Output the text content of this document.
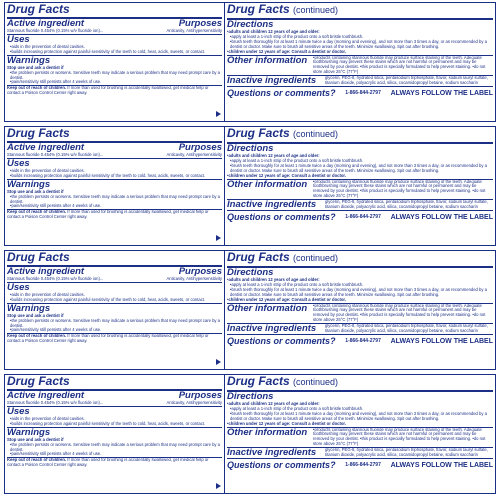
Drug Facts
Active ingredient	Purposes
Stannous fluoride 0.454% (0.15% w/v fluoride ion)...	Anticavity, Antihypersensitivity
Uses
• aids in the prevention of dental cavities.
• builds increasing protection against painful sensitivity of the teeth to cold, heat, acids, sweets, or contact.
Warnings
Stop use and ask a dentist if
• the problem persists or worsens. Sensitive teeth may indicate a serious problem that may need prompt care by a dentist.
• pain/sensitivity still persists after 4 weeks of use.
Keep out of reach of children. If more than used for brushing is accidentally swallowed, get medical help or contact a Poison Control Center right away.
Drug Facts (continued)
Directions
• adults and children 12 years of age and older:
• apply at least a 1-inch strip of the product onto a soft bristle toothbrush.
• brush teeth thoroughly for at least 1 minute twice a day (morning and evening), and not more than 3 times a day, or as recommended by a dentist or doctor. Make sure to brush all sensitive areas of the teeth. Minimize swallowing. Spit out after brushing.
• children under 12 years of age: Consult a dentist or doctor.
Other information	• products containing stannous fluoride may produce surface staining of the teeth. Adequate toothbrushing may prevent these stains which are not harmful or permanent and may be removed by your dentist. • this product is specially formulated to help prevent staining. • do not store above 25°C (77°F)
Inactive ingredients	glycerin, PEG-8, hydrated silica, pentasodium triphosphate, flavor, sodium lauryl sulfate, titanium dioxide, polyacrylic acid, silica, cocamidopropyl betaine, sodium saccharin
Questions or comments? 1-866-844-2797 ALWAYS FOLLOW THE LABEL
Drug Facts
Active ingredient	Purposes
Stannous fluoride 0.454% (0.15% w/v fluoride ion)...	Anticavity, Antihypersensitivity
Uses
• aids in the prevention of dental cavities.
• builds increasing protection against painful sensitivity of the teeth to cold, heat, acids, sweets, or contact.
Warnings
Stop use and ask a dentist if
• the problem persists or worsens. Sensitive teeth may indicate a serious problem that may need prompt care by a dentist.
• pain/sensitivity still persists after 4 weeks of use.
Keep out of reach of children. If more than used for brushing is accidentally swallowed, get medical help or contact a Poison Control Center right away.
Drug Facts (continued)
Directions
• adults and children 12 years of age and older:
• apply at least a 1-inch strip of the product onto a soft bristle toothbrush.
• brush teeth thoroughly for at least 1 minute twice a day (morning and evening), and not more than 3 times a day, or as recommended by a dentist or doctor. Make sure to brush all sensitive areas of the teeth. Minimize swallowing. Spit out after brushing.
• children under 12 years of age: Consult a dentist or doctor.
Other information	• products containing stannous fluoride may produce surface staining of the teeth. Adequate toothbrushing may prevent these stains which are not harmful or permanent and may be removed by your dentist. • this product is specially formulated to help prevent staining. • do not store above 25°C (77°F)
Inactive ingredients	glycerin, PEG-8, hydrated silica, pentasodium triphosphate, flavor, sodium lauryl sulfate, titanium dioxide, polyacrylic acid, silica, cocamidopropyl betaine, sodium saccharin
Questions or comments? 1-866-844-2797 ALWAYS FOLLOW THE LABEL
Drug Facts
Active ingredient	Purposes
Stannous fluoride 0.454% (0.15% w/v fluoride ion)...	Anticavity, Antihypersensitivity
Uses
• aids in the prevention of dental cavities.
• builds increasing protection against painful sensitivity of the teeth to cold, heat, acids, sweets, or contact.
Warnings
Stop use and ask a dentist if
• the problem persists or worsens. Sensitive teeth may indicate a serious problem that may need prompt care by a dentist.
• pain/sensitivity still persists after 4 weeks of use.
Keep out of reach of children. If more than used for brushing is accidentally swallowed, get medical help or contact a Poison Control Center right away.
Drug Facts (continued)
Directions
• adults and children 12 years of age and older:
• apply at least a 1-inch strip of the product onto a soft bristle toothbrush.
• brush teeth thoroughly for at least 1 minute twice a day (morning and evening), and not more than 3 times a day, or as recommended by a dentist or doctor. Make sure to brush all sensitive areas of the teeth. Minimize swallowing. Spit out after brushing.
• children under 12 years of age: Consult a dentist or doctor.
Other information	• products containing stannous fluoride may produce surface staining of the teeth. Adequate toothbrushing may prevent these stains which are not harmful or permanent and may be removed by your dentist. • this product is specially formulated to help prevent staining. • do not store above 25°C (77°F)
Inactive ingredients	glycerin, PEG-8, hydrated silica, pentasodium triphosphate, flavor, sodium lauryl sulfate, titanium dioxide, polyacrylic acid, silica, cocamidopropyl betaine, sodium saccharin
Questions or comments? 1-866-844-2797 ALWAYS FOLLOW THE LABEL
Drug Facts
Active ingredient	Purposes
Stannous fluoride 0.454% (0.15% w/v fluoride ion)...	Anticavity, Antihypersensitivity
Uses
• aids in the prevention of dental cavities.
• builds increasing protection against painful sensitivity of the teeth to cold, heat, acids, sweets, or contact.
Warnings
Stop use and ask a dentist if
• the problem persists or worsens. Sensitive teeth may indicate a serious problem that may need prompt care by a dentist.
• pain/sensitivity still persists after 4 weeks of use.
Keep out of reach of children. If more than used for brushing is accidentally swallowed, get medical help or contact a Poison Control Center right away.
Drug Facts (continued)
Directions
• adults and children 12 years of age and older:
• apply at least a 1-inch strip of the product onto a soft bristle toothbrush.
• brush teeth thoroughly for at least 1 minute twice a day (morning and evening), and not more than 3 times a day, or as recommended by a dentist or doctor. Make sure to brush all sensitive areas of the teeth. Minimize swallowing. Spit out after brushing.
• children under 12 years of age: Consult a dentist or doctor.
Other information	• products containing stannous fluoride may produce surface staining of the teeth. Adequate toothbrushing may prevent these stains which are not harmful or permanent and may be removed by your dentist. • this product is specially formulated to help prevent staining. • do not store above 25°C (77°F)
Inactive ingredients	glycerin, PEG-8, hydrated silica, pentasodium triphosphate, flavor, sodium lauryl sulfate, titanium dioxide, polyacrylic acid, silica, cocamidopropyl betaine, sodium saccharin
Questions or comments? 1-866-844-2797 ALWAYS FOLLOW THE LABEL
